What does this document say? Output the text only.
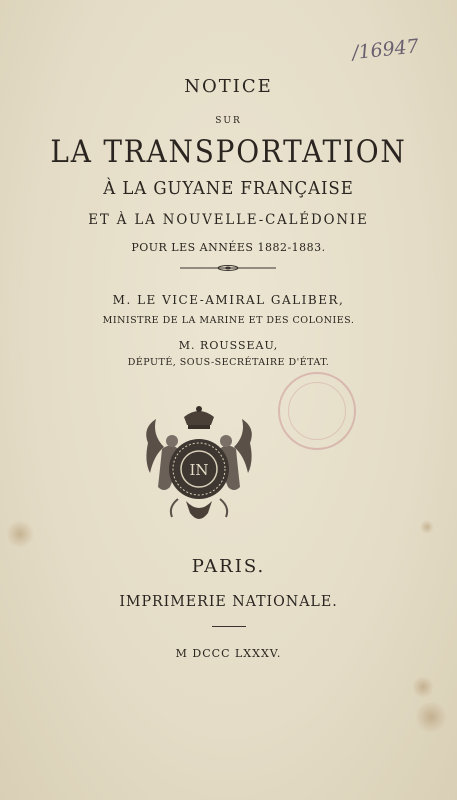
/16947
NOTICE
SUR
LA TRANSPORTATION
À LA GUYANE FRANÇAISE
ET À LA NOUVELLE-CALÉDONIE
POUR LES ANNÉES 1882-1883.
M. LE VICE-AMIRAL GALIBER,
MINISTRE DE LA MARINE ET DES COLONIES.
M. ROUSSEAU,
DÉPUTÉ, SOUS-SECRÉTAIRE D'ÉTAT.
IN
PARIS.
IMPRIMERIE NATIONALE.
M DCCC LXXXV.
